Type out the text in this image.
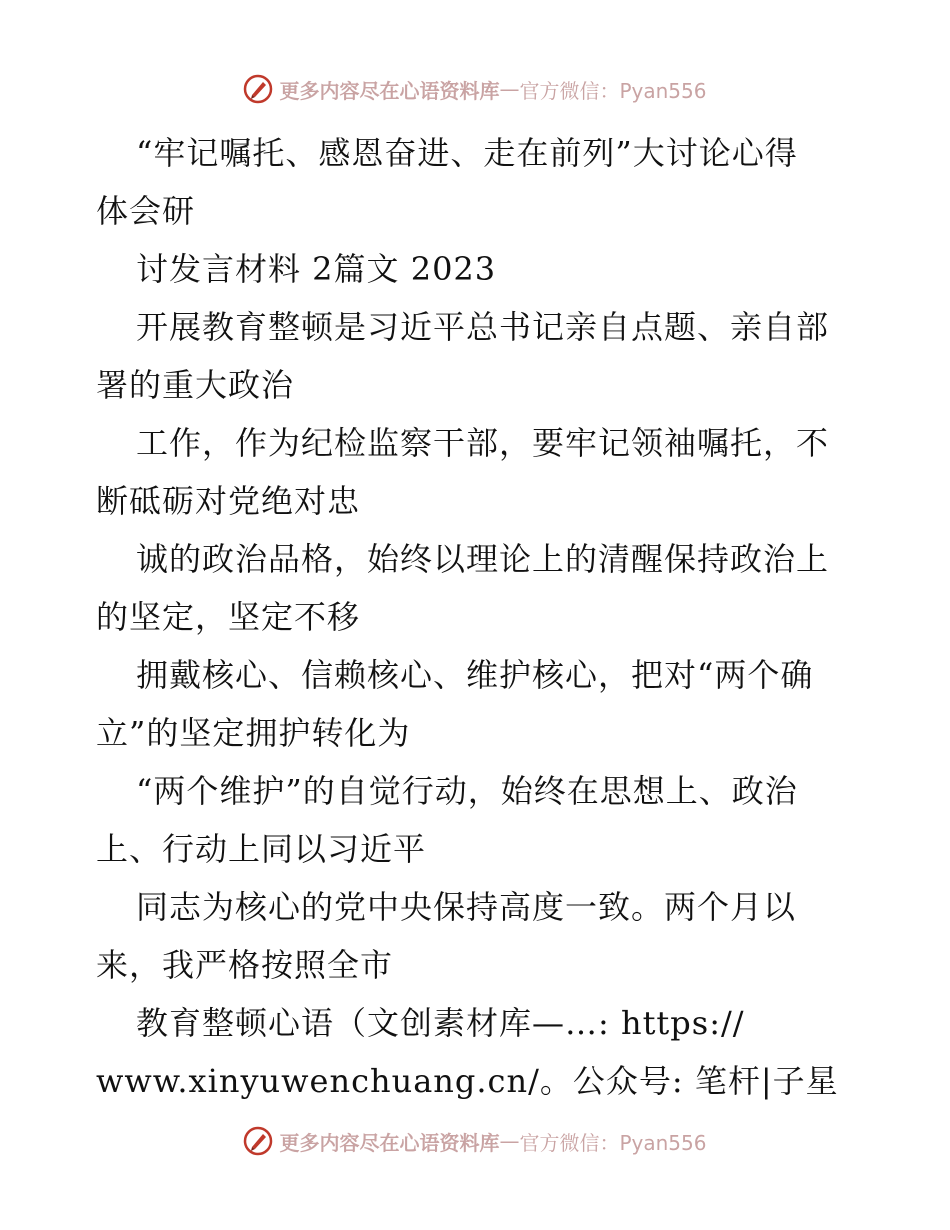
更多内容尽在心语资料库 — 官方微信：Pyan556
“牢记嘱托、感恩奋进、走在前列”大讨论心得
体会研
讨发言材料 2篇文 2023
开展教育整顿是习近平总书记亲自点题、亲自部
署的重大政治
工作，作为纪检监察干部，要牢记领袖嘱托，不
断砥砺对党绝对忠
诚的政治品格，始终以理论上的清醒保持政治上
的坚定，坚定不移
拥戴核心、信赖核心、维护核心，把对“两个确
立”的坚定拥护转化为
“两个维护”的自觉行动，始终在思想上、政治
上、行动上同以习近平
同志为核心的党中央保持高度一致。两个月以
来，我严格按照全市
教育整顿心语（文创素材库—…: https://
www.xinyuwenchuang.cn/。公众号: 笔杆|子星
更多内容尽在心语资料库 — 官方微信：Pyan556
